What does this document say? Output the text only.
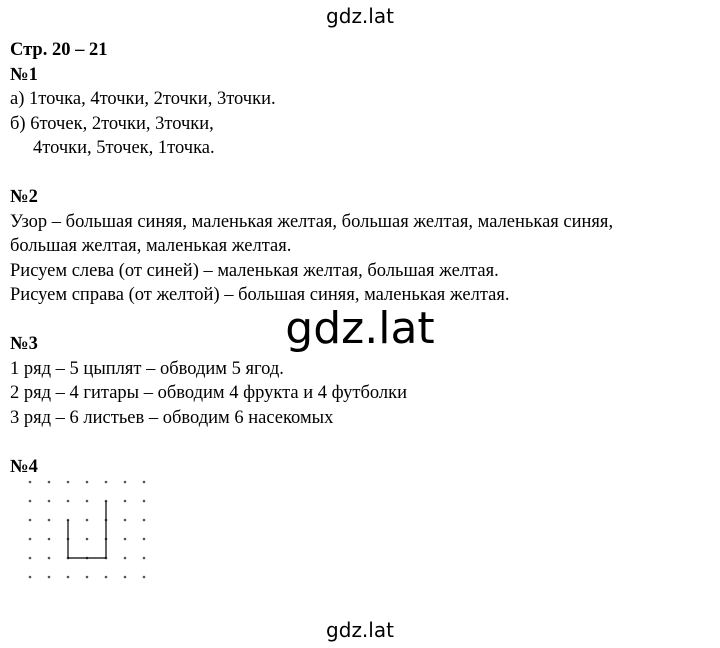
gdz.lat
Стр. 20 – 21
№1
а) 1точка, 4точки, 2точки, 3точки.
б) 6точек, 2точки, 3точки,
4точки, 5точек, 1точка.
№2
Узор – большая синяя, маленькая желтая, большая желтая, маленькая синяя,
большая желтая, маленькая желтая.
Рисуем слева (от синей) – маленькая желтая, большая желтая.
Рисуем справа (от желтой) – большая синяя, маленькая желтая.
№3
1 ряд – 5 цыплят – обводим 5 ягод.
2 ряд – 4 гитары – обводим 4 фрукта и 4 футболки
3 ряд – 6 листьев – обводим 6 насекомых
№4
gdz.lat
gdz.lat
